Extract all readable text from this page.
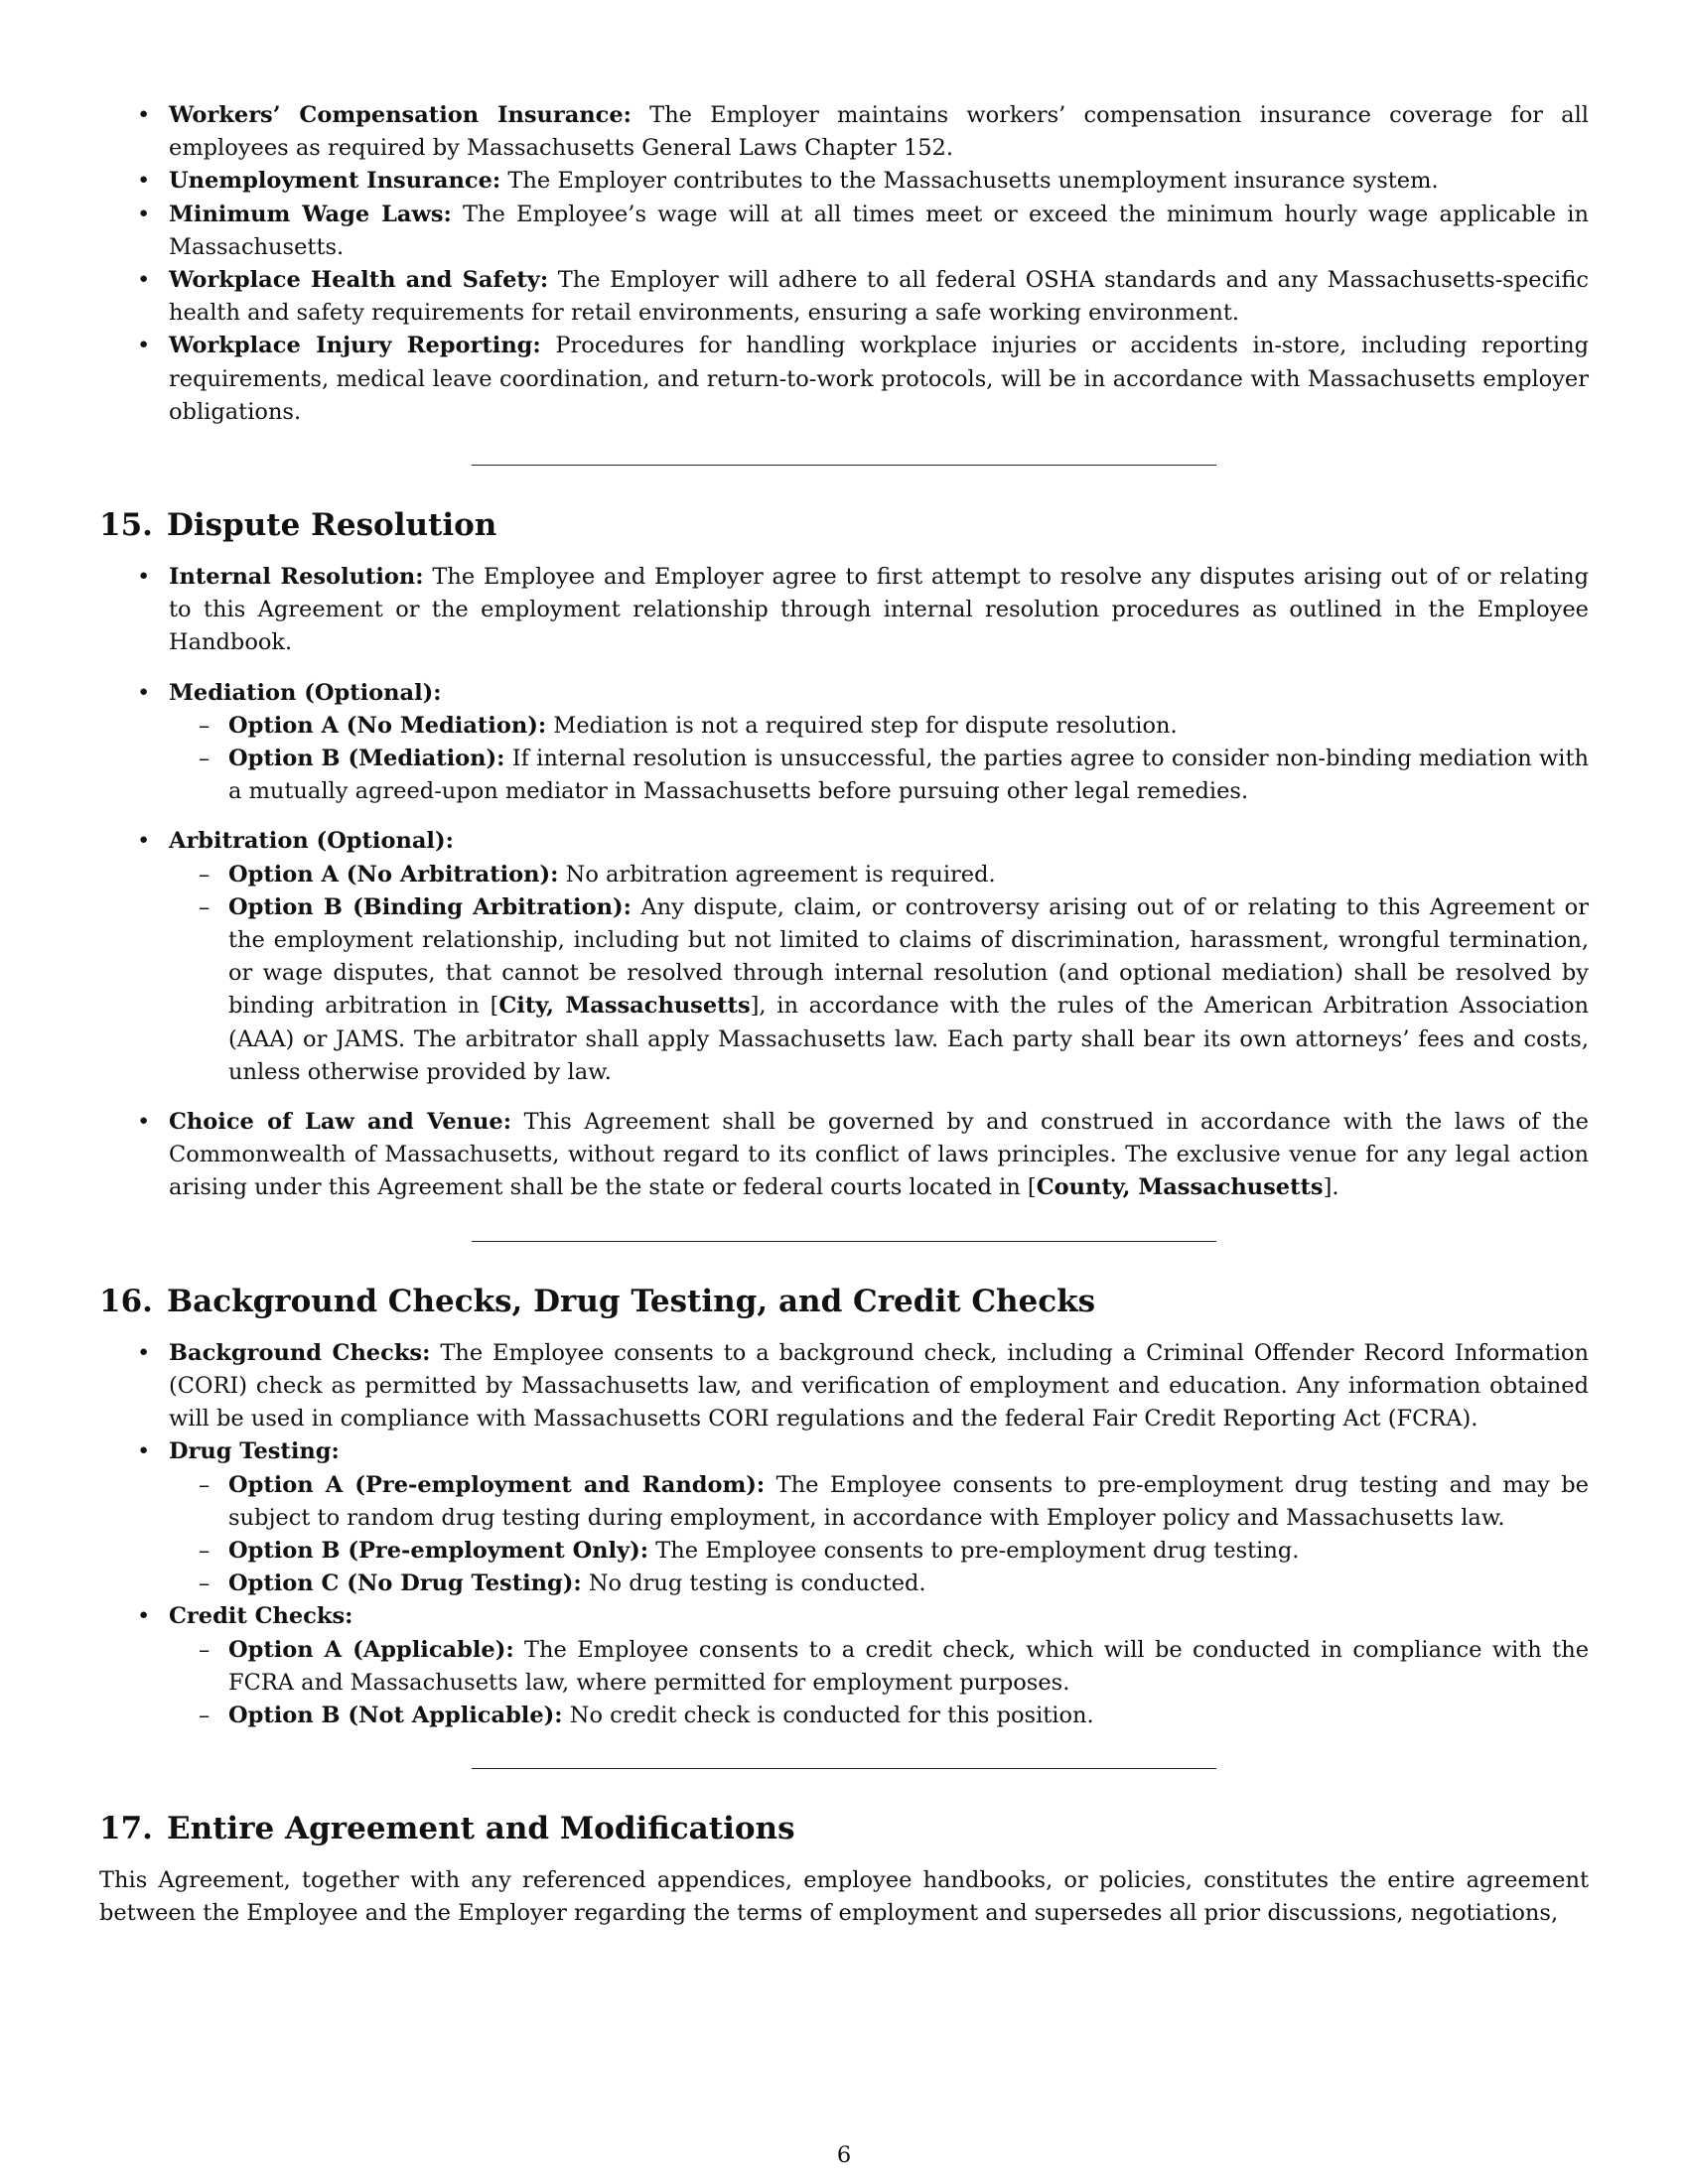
• Workers’ Compensation Insurance: The Employer maintains workers’ compensation insurance coverage for all employees as required by Massachusetts General Laws Chapter 152.
• Unemployment Insurance: The Employer contributes to the Massachusetts unemployment insurance system.
• Minimum Wage Laws: The Employee’s wage will at all times meet or exceed the minimum hourly wage applicable in Massachusetts.
• Workplace Health and Safety: The Employer will adhere to all federal OSHA standards and any Massachusetts-specific health and safety requirements for retail environments, ensuring a safe working environment.
• Workplace Injury Reporting: Procedures for handling workplace injuries or accidents in-store, including reporting requirements, medical leave coordination, and return-to-work protocols, will be in accordance with Massachusetts employer obligations.
15. Dispute Resolution
• Internal Resolution: The Employee and Employer agree to first attempt to resolve any disputes arising out of or relating to this Agreement or the employment relationship through internal resolution procedures as outlined in the Employee Handbook.
• Mediation (Optional):
– Option A (No Mediation): Mediation is not a required step for dispute resolution.
– Option B (Mediation): If internal resolution is unsuccessful, the parties agree to consider non-binding mediation with a mutually agreed-upon mediator in Massachusetts before pursuing other legal remedies.
• Arbitration (Optional):
– Option A (No Arbitration): No arbitration agreement is required.
– Option B (Binding Arbitration): Any dispute, claim, or controversy arising out of or relating to this Agreement or the employment relationship, including but not limited to claims of discrimination, harassment, wrongful termination, or wage disputes, that cannot be resolved through internal resolution (and optional mediation) shall be resolved by binding arbitration in [City, Massachusetts], in accordance with the rules of the American Arbitration Association (AAA) or JAMS. The arbitrator shall apply Massachusetts law. Each party shall bear its own attorneys’ fees and costs, unless otherwise provided by law.
• Choice of Law and Venue: This Agreement shall be governed by and construed in accordance with the laws of the Commonwealth of Massachusetts, without regard to its conflict of laws principles. The exclusive venue for any legal action arising under this Agreement shall be the state or federal courts located in [County, Massachusetts].
16. Background Checks, Drug Testing, and Credit Checks
• Background Checks: The Employee consents to a background check, including a Criminal Offender Record Information (CORI) check as permitted by Massachusetts law, and verification of employment and education. Any information obtained will be used in compliance with Massachusetts CORI regulations and the federal Fair Credit Reporting Act (FCRA).
• Drug Testing:
– Option A (Pre-employment and Random): The Employee consents to pre-employment drug testing and may be subject to random drug testing during employment, in accordance with Employer policy and Massachusetts law.
– Option B (Pre-employment Only): The Employee consents to pre-employment drug testing.
– Option C (No Drug Testing): No drug testing is conducted.
• Credit Checks:
– Option A (Applicable): The Employee consents to a credit check, which will be conducted in compliance with the FCRA and Massachusetts law, where permitted for employment purposes.
– Option B (Not Applicable): No credit check is conducted for this position.
17. Entire Agreement and Modifications

This Agreement, together with any referenced appendices, employee handbooks, or policies, constitutes the entire agreement between the Employee and the Employer regarding the terms of employment and supersedes all prior discussions, negotiations,

6
